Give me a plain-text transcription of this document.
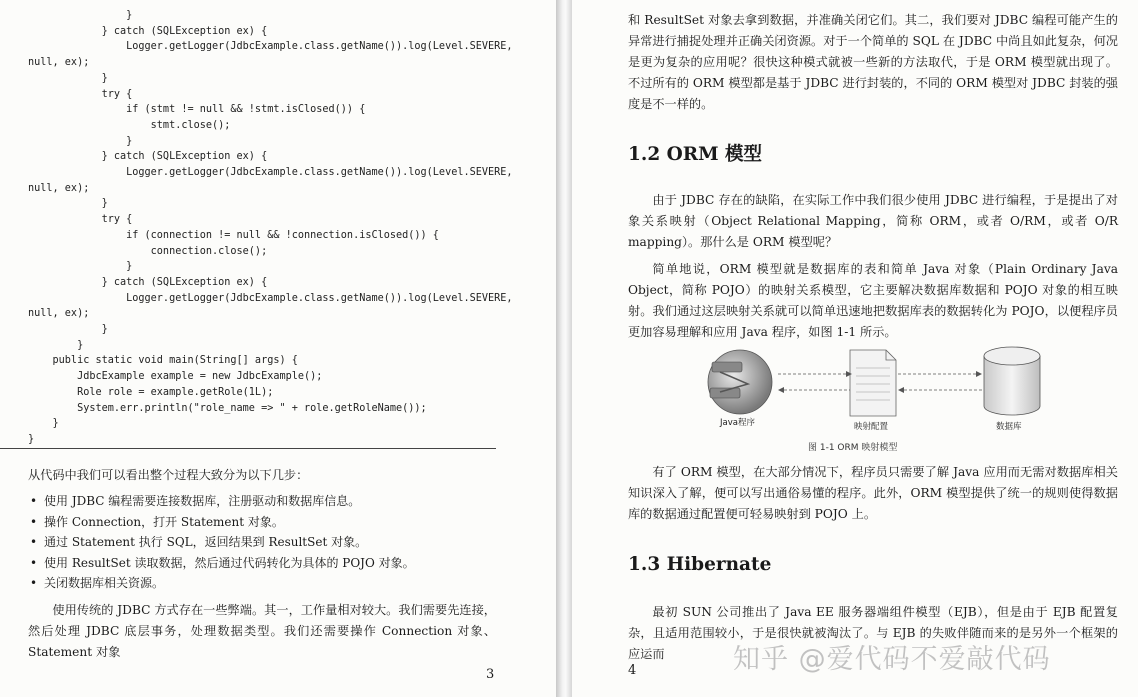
}
} catch (SQLException ex) {
Logger.getLogger(JdbcExample.class.getName()).log(Level.SEVERE,
null, ex);
}
try {
if (stmt != null && !stmt.isClosed()) {
stmt.close();
}
} catch (SQLException ex) {
Logger.getLogger(JdbcExample.class.getName()).log(Level.SEVERE,
null, ex);
}
try {
if (connection != null && !connection.isClosed()) {
connection.close();
}
} catch (SQLException ex) {
Logger.getLogger(JdbcExample.class.getName()).log(Level.SEVERE,
null, ex);
}
}
public static void main(String[] args) {
JdbcExample example = new JdbcExample();
Role role = example.getRole(1L);
System.err.println("role_name => " + role.getRoleName());
}
}

从代码中我们可以看出整个过程大致分为以下几步：

• 使用 JDBC 编程需要连接数据库，注册驱动和数据库信息。
• 操作 Connection，打开 Statement 对象。
• 通过 Statement 执行 SQL，返回结果到 ResultSet 对象。
• 使用 ResultSet 读取数据，然后通过代码转化为具体的 POJO 对象。
• 关闭数据库相关资源。

使用传统的 JDBC 方式存在一些弊端。其一，工作量相对较大。我们需要先连接，然后处理 JDBC 底层事务，处理数据类型。我们还需要操作 Connection 对象、Statement 对象

3

和 ResultSet 对象去拿到数据，并准确关闭它们。其二，我们要对 JDBC 编程可能产生的异常进行捕捉处理并正确关闭资源。对于一个简单的 SQL 在 JDBC 中尚且如此复杂，何况是更为复杂的应用呢？很快这种模式就被一些新的方法取代，于是 ORM 模型就出现了。不过所有的 ORM 模型都是基于 JDBC 进行封装的，不同的 ORM 模型对 JDBC 封装的强度是不一样的。

1.2 ORM 模型

由于 JDBC 存在的缺陷，在实际工作中我们很少使用 JDBC 进行编程，于是提出了对象关系映射（Object Relational Mapping，简称 ORM，或者 O/RM，或者 O/R mapping）。那什么是 ORM 模型呢？

简单地说，ORM 模型就是数据库的表和简单 Java 对象（Plain Ordinary Java Object，简称 POJO）的映射关系模型，它主要解决数据库数据和 POJO 对象的相互映射。我们通过这层映射关系就可以简单迅速地把数据库表的数据转化为 POJO，以便程序员更加容易理解和应用 Java 程序，如图 1-1 所示。

Java程序	映射配置	数据库
图 1-1 ORM 映射模型

有了 ORM 模型，在大部分情况下，程序员只需要了解 Java 应用而无需对数据库相关知识深入了解，便可以写出通俗易懂的程序。此外，ORM 模型提供了统一的规则使得数据库的数据通过配置便可轻易映射到 POJO 上。

1.3 Hibernate

最初 SUN 公司推出了 Java EE 服务器端组件模型（EJB），但是由于 EJB 配置复杂，且适用范围较小，于是很快就被淘汰了。与 EJB 的失败伴随而来的是另外一个框架的应运而

4	知乎 @爱代码不爱敲代码
